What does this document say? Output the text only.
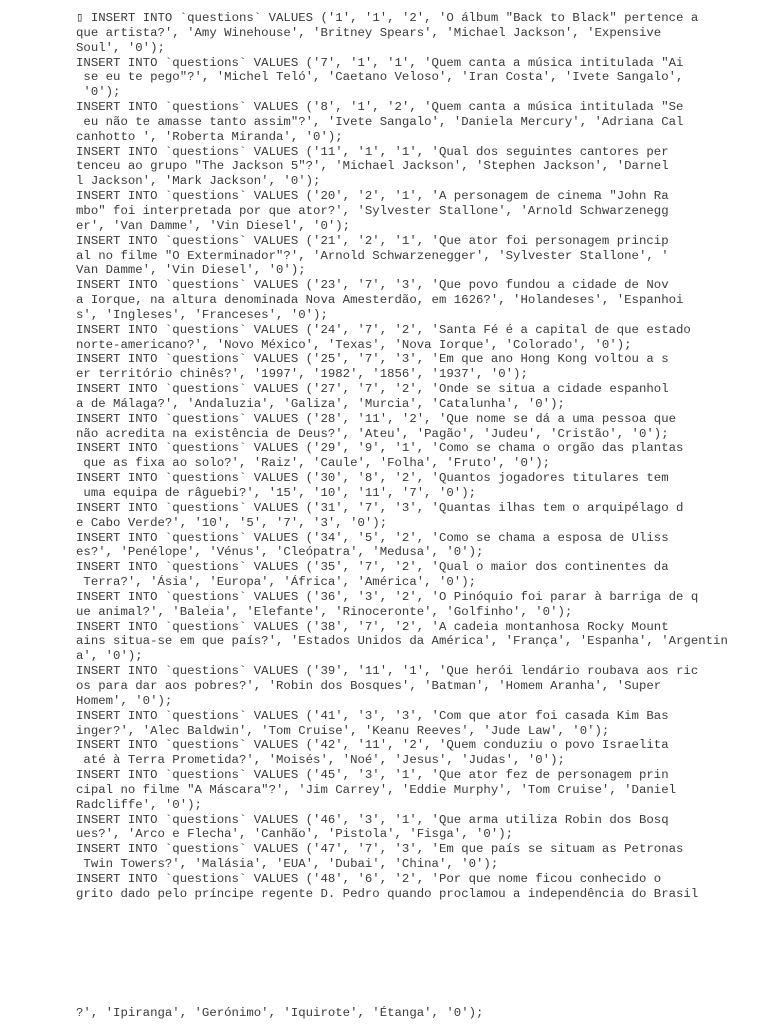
▯ INSERT INTO `questions` VALUES ('1', '1', '2', 'O álbum "Back to Black" pertence a
que artista?', 'Amy Winehouse', 'Britney Spears', 'Michael Jackson', 'Expensive
Soul', '0');
INSERT INTO `questions` VALUES ('7', '1', '1', 'Quem canta a música intitulada "Ai
se eu te pego"?', 'Michel Teló', 'Caetano Veloso', 'Iran Costa', 'Ivete Sangalo',
'0');
INSERT INTO `questions` VALUES ('8', '1', '2', 'Quem canta a música intitulada "Se
eu não te amasse tanto assim"?', 'Ivete Sangalo', 'Daniela Mercury', 'Adriana Cal
canhotto ', 'Roberta Miranda', '0');
INSERT INTO `questions` VALUES ('11', '1', '1', 'Qual dos seguintes cantores per
tenceu ao grupo "The Jackson 5"?', 'Michael Jackson', 'Stephen Jackson', 'Darnel
l Jackson', 'Mark Jackson', '0');
INSERT INTO `questions` VALUES ('20', '2', '1', 'A personagem de cinema "John Ra
mbo" foi interpretada por que ator?', 'Sylvester Stallone', 'Arnold Schwarzenegg
er', 'Van Damme', 'Vin Diesel', '0');
INSERT INTO `questions` VALUES ('21', '2', '1', 'Que ator foi personagem princip
al no filme "O Exterminador"?', 'Arnold Schwarzenegger', 'Sylvester Stallone', '
Van Damme', 'Vin Diesel', '0');
INSERT INTO `questions` VALUES ('23', '7', '3', 'Que povo fundou a cidade de Nov
a Iorque, na altura denominada Nova Amesterdão, em 1626?', 'Holandeses', 'Espanhoi
s', 'Ingleses', 'Franceses', '0');
INSERT INTO `questions` VALUES ('24', '7', '2', 'Santa Fé é a capital de que estado
norte-americano?', 'Novo México', 'Texas', 'Nova Iorque', 'Colorado', '0');
INSERT INTO `questions` VALUES ('25', '7', '3', 'Em que ano Hong Kong voltou a s
er território chinês?', '1997', '1982', '1856', '1937', '0');
INSERT INTO `questions` VALUES ('27', '7', '2', 'Onde se situa a cidade espanhol
a de Málaga?', 'Andaluzia', 'Galiza', 'Murcia', 'Catalunha', '0');
INSERT INTO `questions` VALUES ('28', '11', '2', 'Que nome se dá a uma pessoa que
não acredita na existência de Deus?', 'Ateu', 'Pagão', 'Judeu', 'Cristão', '0');
INSERT INTO `questions` VALUES ('29', '9', '1', 'Como se chama o orgão das plantas
que as fixa ao solo?', 'Raiz', 'Caule', 'Folha', 'Fruto', '0');
INSERT INTO `questions` VALUES ('30', '8', '2', 'Quantos jogadores titulares tem
uma equipa de râguebi?', '15', '10', '11', '7', '0');
INSERT INTO `questions` VALUES ('31', '7', '3', 'Quantas ilhas tem o arquipélago d
e Cabo Verde?', '10', '5', '7', '3', '0');
INSERT INTO `questions` VALUES ('34', '5', '2', 'Como se chama a esposa de Uliss
es?', 'Penélope', 'Vénus', 'Cleópatra', 'Medusa', '0');
INSERT INTO `questions` VALUES ('35', '7', '2', 'Qual o maior dos continentes da
Terra?', 'Ásia', 'Europa', 'África', 'América', '0');
INSERT INTO `questions` VALUES ('36', '3', '2', 'O Pinóquio foi parar à barriga de q
ue animal?', 'Baleia', 'Elefante', 'Rinoceronte', 'Golfinho', '0');
INSERT INTO `questions` VALUES ('38', '7', '2', 'A cadeia montanhosa Rocky Mount
ains situa-se em que país?', 'Estados Unidos da América', 'França', 'Espanha', 'Argentin
a', '0');
INSERT INTO `questions` VALUES ('39', '11', '1', 'Que herói lendário roubava aos ric
os para dar aos pobres?', 'Robin dos Bosques', 'Batman', 'Homem Aranha', 'Super
Homem', '0');
INSERT INTO `questions` VALUES ('41', '3', '3', 'Com que ator foi casada Kim Bas
inger?', 'Alec Baldwin', 'Tom Cruise', 'Keanu Reeves', 'Jude Law', '0');
INSERT INTO `questions` VALUES ('42', '11', '2', 'Quem conduziu o povo Israelita
até à Terra Prometida?', 'Moisés', 'Noé', 'Jesus', 'Judas', '0');
INSERT INTO `questions` VALUES ('45', '3', '1', 'Que ator fez de personagem prin
cipal no filme "A Máscara"?', 'Jim Carrey', 'Eddie Murphy', 'Tom Cruise', 'Daniel
Radcliffe', '0');
INSERT INTO `questions` VALUES ('46', '3', '1', 'Que arma utiliza Robin dos Bosq
ues?', 'Arco e Flecha', 'Canhão', 'Pistola', 'Fisga', '0');
INSERT INTO `questions` VALUES ('47', '7', '3', 'Em que país se situam as Petronas
Twin Towers?', 'Malásia', 'EUA', 'Dubai', 'China', '0');
INSERT INTO `questions` VALUES ('48', '6', '2', 'Por que nome ficou conhecido o
grito dado pelo príncipe regente D. Pedro quando proclamou a independência do Brasil
?', 'Ipiranga', 'Gerónimo', 'Iquirote', 'Étanga', '0');
